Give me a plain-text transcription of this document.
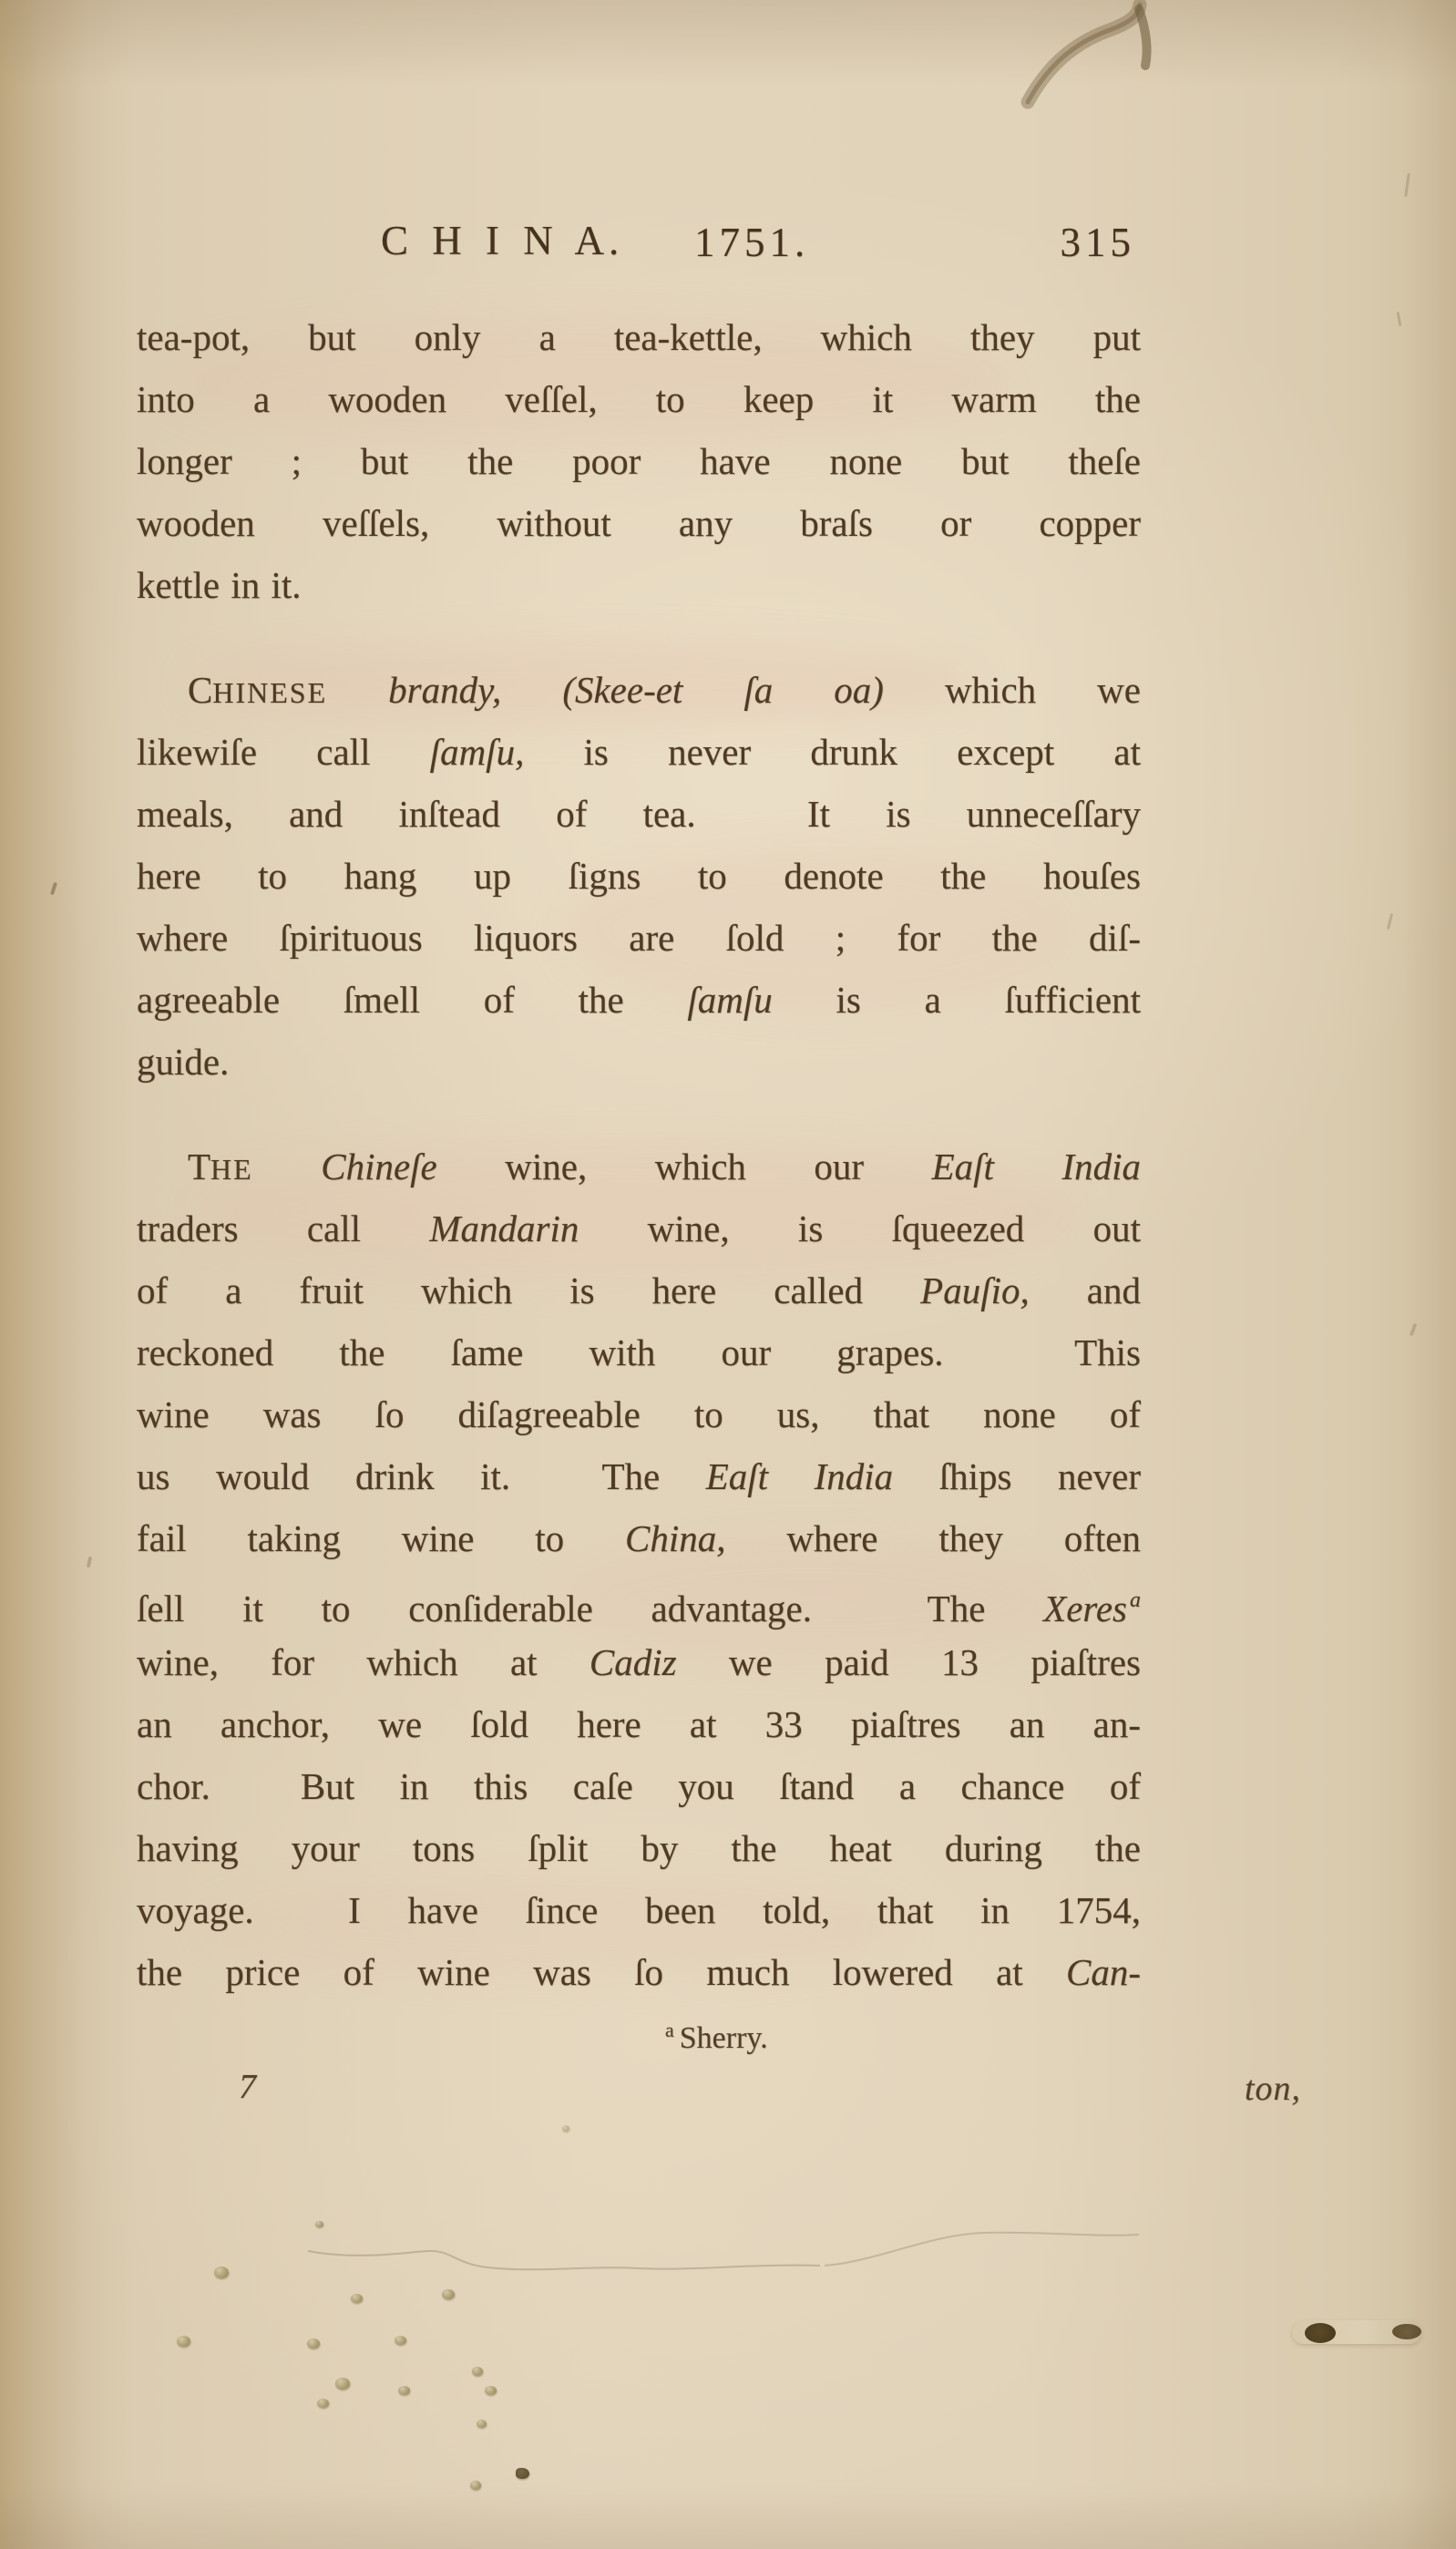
C H I N A. 1751.	315
tea-pot, but only a tea-kettle, which they put
into a wooden veſſel, to keep it warm the
longer ; but the poor have none but theſe
wooden veſſels, without any braſs or copper
kettle in it.
CHINESE brandy, (Skee-et ſa oa) which we
likewiſe call ſamſu, is never drunk except at
meals, and inſtead of tea.  It is unneceſſary
here to hang up ſigns to denote the houſes
where ſpirituous liquors are ſold ; for the diſ-
agreeable ſmell of the ſamſu is a ſufficient
guide.
THE Chineſe wine, which our Eaſt India
traders call Mandarin wine, is ſqueezed out
of a fruit which is here called Pauſio, and
reckoned the ſame with our grapes.  This
wine was ſo diſagreeable to us, that none of
us would drink it.  The Eaſt India ſhips never
fail taking wine to China, where they often
ſell it to conſiderable advantage.  The Xeres $^a$
wine, for which at Cadiz we paid 13 piaſtres
an anchor, we ſold here at 33 piaſtres an an-
chor.  But in this caſe you ſtand a chance of
having your tons ſplit by the heat during the
voyage.  I have ſince been told, that in 1754,
the price of wine was ſo much lowered at Can-
$^a$ Sherry.
7	ton,
